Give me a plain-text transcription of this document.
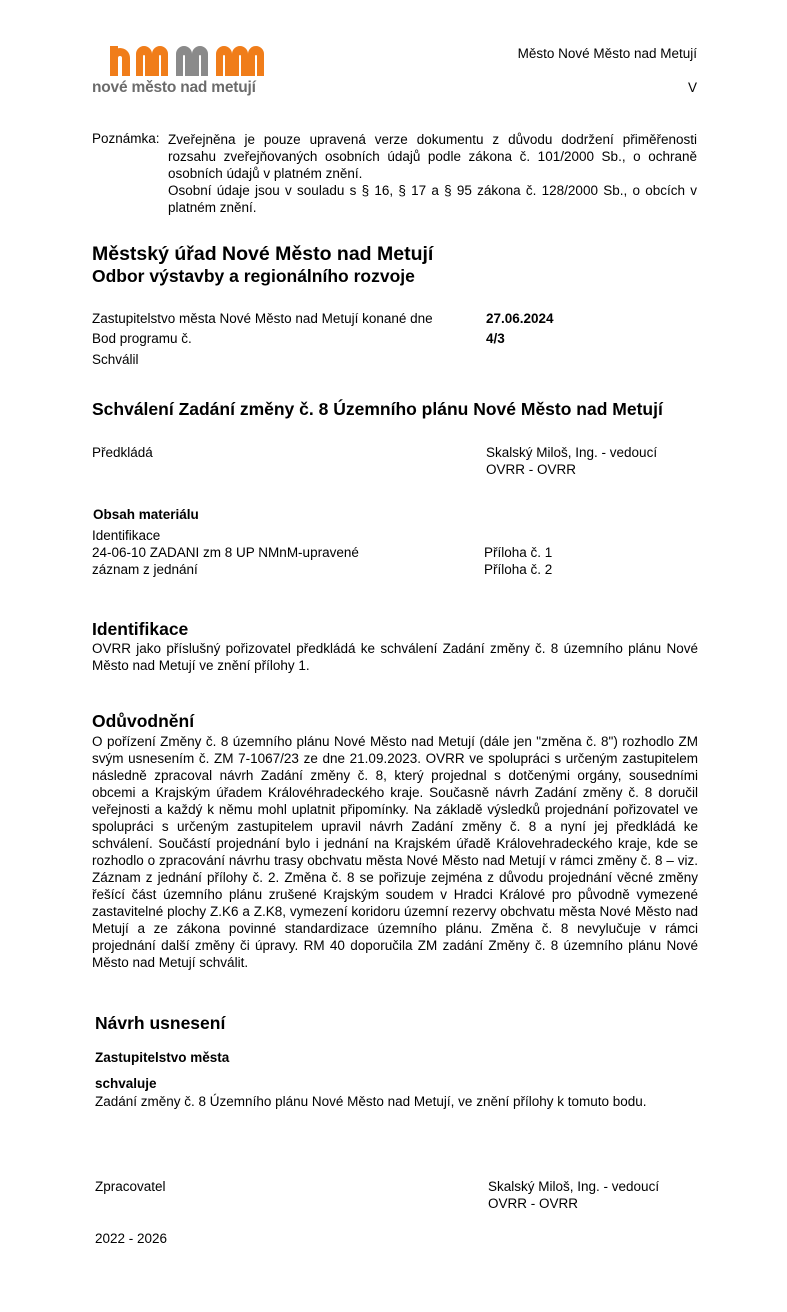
nové město nad metují
Město Nové Město nad Metují
V
Poznámka: Zveřejněna je pouze upravená verze dokumentu z důvodu dodržení přiměřenosti rozsahu zveřejňovaných osobních údajů podle zákona č. 101/2000 Sb., o ochraně osobních údajů v platném znění.

Osobní údaje jsou v souladu s § 16, § 17 a § 95 zákona č. 128/2000 Sb., o obcích v platném znění.

Městský úřad Nové Město nad Metují
Odbor výstavby a regionálního rozvoje
Zastupitelstvo města Nové Město nad Metují konané dne	27.06.2024
Bod programu č.	4/3
Schválil
Schválení Zadání změny č. 8 Územního plánu Nové Město nad Metují
Předkládá	Skalský Miloš, Ing. - vedoucí
OVRR - OVRR
Obsah materiálu
Identifikace
24-06-10 ZADANI zm 8 UP NMnM-upravené	Příloha č. 1
záznam z jednání	Příloha č. 2
Identifikace

OVRR jako příslušný pořizovatel předkládá ke schválení Zadání změny č. 8 územního plánu Nové Město nad Metují ve znění přílohy 1.

Odůvodnění

O pořízení Změny č. 8 územního plánu Nové Město nad Metují (dále jen "změna č. 8") rozhodlo ZM svým usnesením č. ZM 7-1067/23 ze dne 21.09.2023. OVRR ve spolupráci s určeným zastupitelem následně zpracoval návrh Zadání změny č. 8, který projednal s dotčenými orgány, sousedními obcemi a Krajským úřadem Královéhradeckého kraje. Současně návrh Zadání změny č. 8 doručil veřejnosti a každý k němu mohl uplatnit připomínky. Na základě výsledků projednání pořizovatel ve spolupráci s určeným zastupitelem upravil návrh Zadání změny č. 8 a nyní jej předkládá ke schválení. Součástí projednání bylo i jednání na Krajském úřadě Královehradeckého kraje, kde se rozhodlo o zpracování návrhu trasy obchvatu města Nové Město nad Metují v rámci změny č. 8 – viz. Záznam z jednání přílohy č. 2. Změna č. 8 se pořizuje zejména z důvodu projednání věcné změny řešící část územního plánu zrušené Krajským soudem v Hradci Králové pro původně vymezené zastavitelné plochy Z.K6 a Z.K8, vymezení koridoru územní rezervy obchvatu města Nové Město nad Metují a ze zákona povinné standardizace územního plánu. Změna č. 8 nevylučuje v rámci projednání další změny či úpravy. RM 40 doporučila ZM zadání Změny č. 8 územního plánu Nové Město nad Metují schválit.

Návrh usnesení
Zastupitelstvo města
schvaluje
Zadání změny č. 8 Územního plánu Nové Město nad Metují, ve znění přílohy k tomuto bodu.
Zpracovatel	Skalský Miloš, Ing. - vedoucí
OVRR - OVRR
2022 - 2026
